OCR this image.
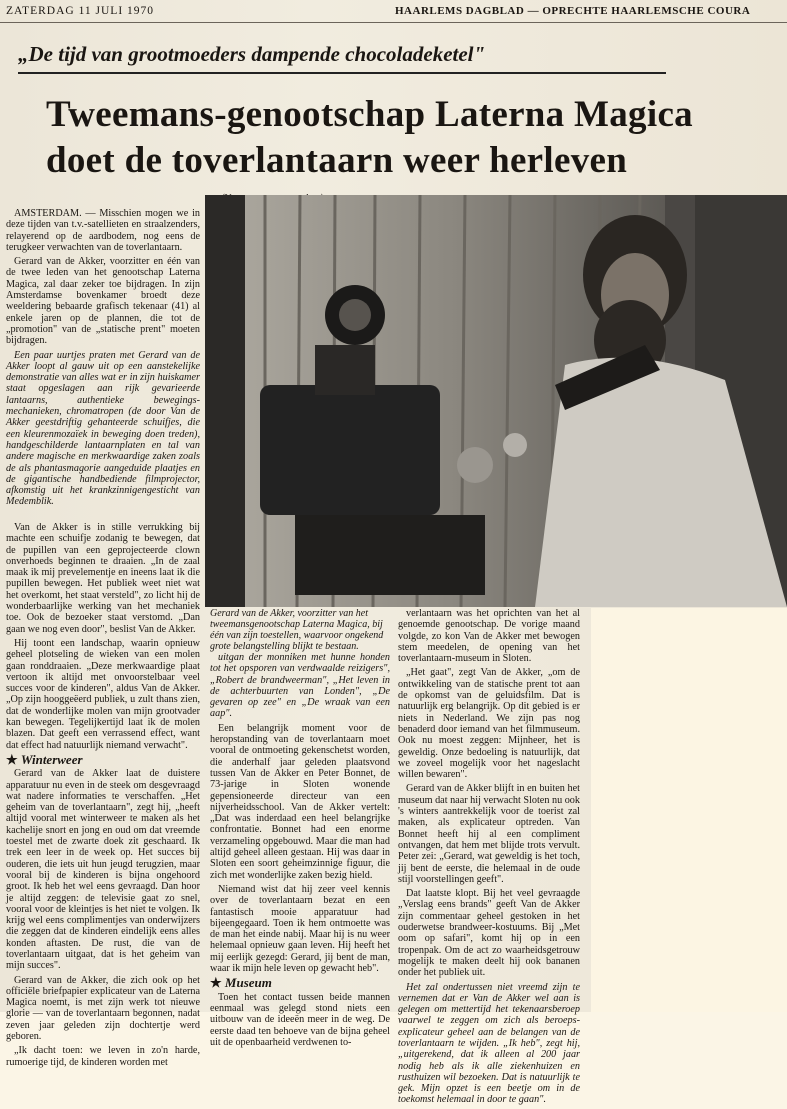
ZATERDAG 11 JULI 1970	HAARLEMS DAGBLAD — OPRECHTE HAARLEMSCHE COURA
„De tijd van grootmoeders dampende chocoladeketel"
Tweemans-genootschap Laterna Magica
doet de toverlantaarn weer herleven
Gerard van de Akker, voorzitter van het tweemansgenootschap Laterna Magica, bij één van zijn toestellen, waarvoor ongekend grote belangstelling blijkt te bestaan.

AMSTERDAM. — Misschien mogen we in deze tijden van t.v.-satellieten en straalzenders, relayerend op de aardbodem, nog eens de terugkeer verwachten van de toverlantaarn.

Gerard van de Akker, voorzitter en één van de twee leden van het genootschap Laterna Magica, zal daar zeker toe bijdragen. In zijn Amsterdamse bovenkamer broedt deze weeldering bebaarde grafisch tekenaar (41) al enkele jaren op de plannen, die tot de „promotion" van de „statische prent" moeten bijdragen.

Een paar uurtjes praten met Gerard van de Akker loopt al gauw uit op een aanstekelijke demonstratie van alles wat er in zijn huiskamer staat opgeslagen aan rijk gevarieerde lantaarns, authentieke bewegings-mechanieken, chromatropen (de door Van de Akker geestdriftig gehanteerde schuifjes, die een kleurenmozaïek in beweging doen treden), handgeschilderde lantaarnplaten en tal van andere magische en merkwaardige zaken zoals de als phantasmagorie aangeduide plaatjes en de gigantische handbediende filmprojector, afkomstig uit het krankzinnigengesticht van Medemblik.

Van de Akker is in stille verrukking bij machte een schuifje zodanig te bewegen, dat de pupillen van een geprojecteerde clown onverhoeds beginnen te draaien. „In de zaal maak ik mij prevelementje en ineens laat ik die pupillen bewegen. Het publiek weet niet wat het overkomt, het staat versteld", zo licht hij de wonderbaarlijke werking van het mechaniek toe. Ook de bezoeker staat verstomd. „Dan gaan we nog even door", beslist Van de Akker.

Hij toont een landschap, waarin opnieuw geheel plotseling de wieken van een molen gaan ronddraaien. „Deze merkwaardige plaat vertoon ik altijd met onvoorstelbaar veel succes voor de kinderen", aldus Van de Akker. „Op zijn hooggeëerd publiek, u zult thans zien, dat de wonderlijke molen van mijn grootvader kan bewegen. Tegelijkertijd laat ik de molen blazen. Dat geeft een verrassend effect, want dat effect had natuurlijk niemand verwacht".

★ Winterweer

Gerard van de Akker laat de duistere apparatuur nu even in de steek om desgevraagd wat nadere informaties te verschaffen. „Het geheim van de toverlantaarn", zegt hij, „heeft altijd vooral met winterweer te maken als het kachelije snort en jong en oud om dat vreemde toestel met de zwarte doek zit geschaard. Ik trek een leer in de week op. Het succes bij ouderen, die iets uit hun jeugd terugzien, maar vooral bij de kinderen is bijna ongehoord groot. Ik heb het wel eens gevraagd. Dan hoor je altijd zeggen: de televisie gaat zo snel, vooral voor de kleintjes is het niet te volgen. Ik krijg wel eens complimentjes van onderwijzers die zeggen dat de kinderen eindelijk eens alles konden aftasten. De rust, die van de toverlantaarn uitgaat, dat is het geheim van mijn succes".

Gerard van de Akker, die zich ook op het officiële briefpapier explicateur van de Laterna Magica noemt, is met zijn werk tot nieuwe glorie — van de toverlantaarn begonnen, nadat zeven jaar geleden zijn dochtertje werd geboren.

„Ik dacht toen: we leven in zo'n harde, rumoerige tijd, de kinderen worden met

uitgan der monniken met hunne honden tot het opsporen van verdwaalde reizigers", „Robert de brandweerman", „Het leven in de achterbuurten van Londen", „De gevaren op zee" en „De wraak van een aap".

Een belangrijk moment voor de heropstanding van de toverlantaarn moet vooral de ontmoeting gekenschetst worden, die anderhalf jaar geleden plaatsvond tussen Van de Akker en Peter Bonnet, de 73-jarige in Sloten wonende gepensioneerde directeur van een nijverheidsschool. Van de Akker vertelt: „Dat was inderdaad een heel belangrijke confrontatie. Bonnet had een enorme verzameling opgebouwd. Maar die man had altijd geheel alleen gestaan. Hij was daar in Sloten een soort geheimzinnige figuur, die zich met wonderlijke zaken bezig hield.

Niemand wist dat hij zeer veel kennis over de toverlantaarn bezat en een fantastisch mooie apparatuur had bijeengegaard. Toen ik hem ontmoette was de man het einde nabij. Maar hij is nu weer helemaal opnieuw gaan leven. Hij heeft het mij eerlijk gezegd: Gerard, jij bent de man, waar ik mijn hele leven op gewacht heb".

★ Museum

Toen het contact tussen beide mannen eenmaal was gelegd stond niets een uitbouw van de ideeën meer in de weg. De eerste daad ten behoeve van de bijna geheel uit de openbaarheid verdwenen to-

verlantaarn was het oprichten van het al genoemde genootschap. De vorige maand volgde, zo kon Van de Akker met bewogen stem meedelen, de opening van het toverlantaarn-museum in Sloten.

„Het gaat", zegt Van de Akker, „om de ontwikkeling van de statische prent tot aan de opkomst van de geluidsfilm. Dat is natuurlijk erg belangrijk. Op dit gebied is er niets in Nederland. We zijn pas nog benaderd door iemand van het filmmuseum. Ook nu moest zeggen: Mijnheer, het is geweldig. Onze bedoeling is natuurlijk, dat we zoveel mogelijk voor het nageslacht willen bewaren".

Gerard van de Akker blijft in en buiten het museum dat naar hij verwacht Sloten nu ook 's winters aantrekkelijk voor de toerist zal maken, als explicateur optreden. Van Bonnet heeft hij al een compliment ontvangen, dat hem met blijde trots vervult. Peter zei: „Gerard, wat geweldig is het toch, jij bent de eerste, die helemaal in de oude stijl voorstellingen geeft".

Dat laatste klopt. Bij het veel gevraagde „Verslag eens brands" geeft Van de Akker zijn commentaar geheel gestoken in het ouderwetse brandweer-kostuums. Bij „Met oom op safari", komt hij op in een tropenpak. Om de act zo waarheidsgetrouw mogelijk te maken deelt hij ook bananen onder het publiek uit.

Het zal ondertussen niet vreemd zijn te vernemen dat er Van de Akker wel aan is gelegen om mettertijd het tekenaarsberoep vaarwel te zeggen om zich als beroeps-explicateur geheel aan de belangen van de toverlantaarn te wijden. „Ik heb", zegt hij, „uitgerekend, dat ik alleen al 200 jaar nodig heb als ik alle ziekenhuizen en rusthuizen wil bezoeken. Dat is natuurlijk te gek. Mijn opzet is een beetje om in de toekomst helemaal in door te gaan".
